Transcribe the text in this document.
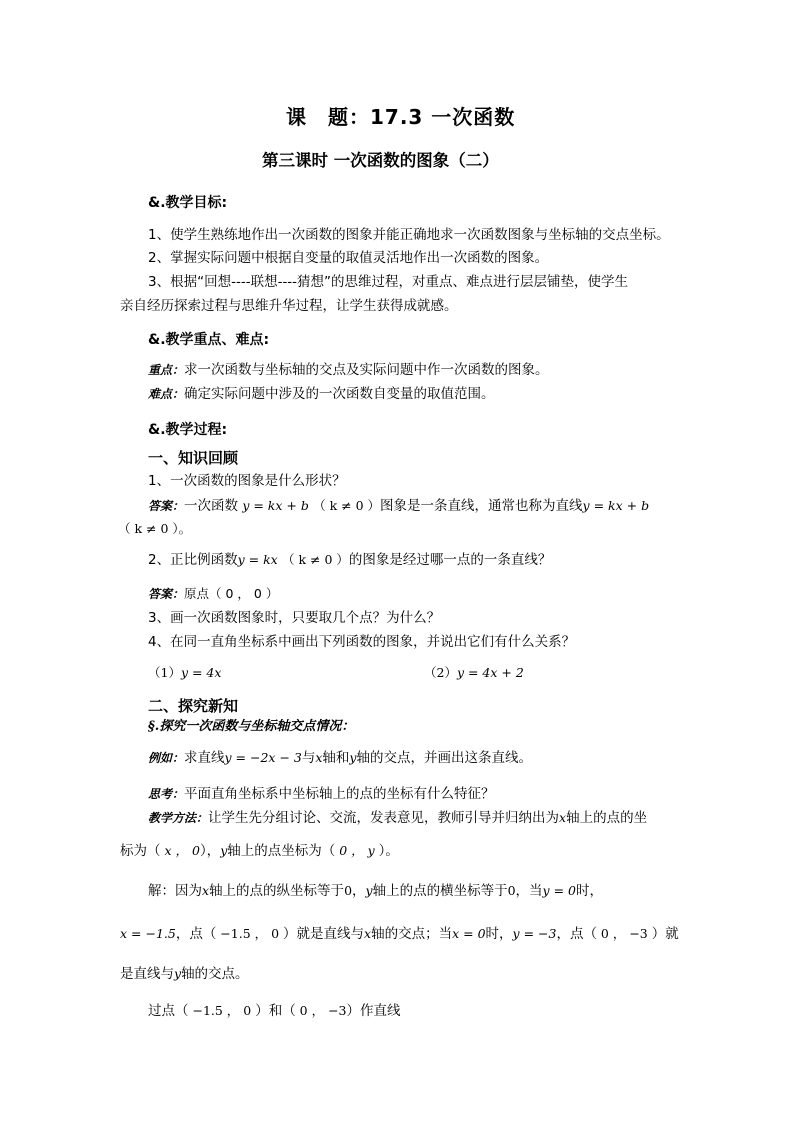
课　题：17.3 一次函数
第三课时 一次函数的图象（二）
&.教学目标:
1、使学生熟练地作出一次函数的图象并能正确地求一次函数图象与坐标轴的交点坐标。
2、掌握实际问题中根据自变量的取值灵活地作出一次函数的图象。
3、根据“回想----联想----猜想”的思维过程，对重点、难点进行层层铺垫，使学生
亲自经历探索过程与思维升华过程，让学生获得成就感。
&.教学重点、难点:
重点：求一次函数与坐标轴的交点及实际问题中作一次函数的图象。
难点：确定实际问题中涉及的一次函数自变量的取值范围。
&.教学过程:
一、知识回顾
1、一次函数的图象是什么形状？
答案：一次函数 y = kx + b （ k ≠ 0 ）图象是一条直线，通常也称为直线y = kx + b
（ k ≠ 0 ）。
2、正比例函数y = kx （ k ≠ 0 ）的图象是经过哪一点的一条直线？
答案：原点（ 0 ， 0 ）
3、画一次函数图象时，只要取几个点？为什么？
4、在同一直角坐标系中画出下列函数的图象，并说出它们有什么关系？
（1）y = 4x	（2）y = 4x + 2
二、探究新知
§.探究一次函数与坐标轴交点情况：
例如：求直线y = −2x − 3与x轴和y轴的交点，并画出这条直线。
思考：平面直角坐标系中坐标轴上的点的坐标有什么特征？
教学方法：让学生先分组讨论、交流，发表意见，教师引导并归纳出为x轴上的点的坐
标为（ x ， 0），y轴上的点坐标为（ 0 ， y ）。
解：因为x轴上的点的纵坐标等于0，y轴上的点的横坐标等于0，当y = 0时，
x = −1.5，点（ −1.5 ， 0 ）就是直线与x轴的交点；当x = 0时，y = −3，点（ 0 ， −3 ）就
是直线与y轴的交点。
过点（ −1.5 ， 0 ）和（ 0 ， −3）作直线
